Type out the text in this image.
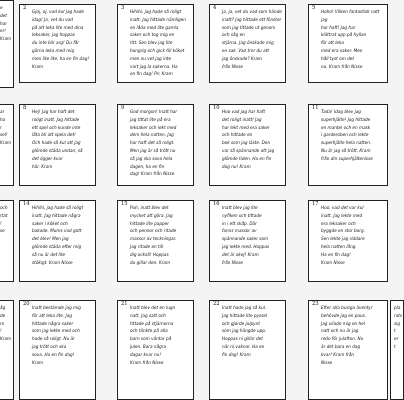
e
det
har
er!
Kram
2
Gjoj, oj, vad kul jag hade
idag! Ja, vet du vad
på att leka lite med dina
leksaker, jag hoppas
du inte blir arg! Du får
gärna leka med mig
men lite lite, ha en fin dag!
Kram
3
Hihihi, jag hade så roligt
inatt. Jag hittade nämligen
en låda med lite gamla
saker och tog mig en
titt. Sen blev jag lite
hungrig och gick till köket
men nu vet jag inte
vart jag la sakerna. Ha
en fin dag! Ps: Kram
4
Ja, ja, vet du vad som hände
inatt? Jag hittade ett fönster
som jag tittade ut genom
och såg en
stjärna. Jag önskade mig
en sak. Vad tror du att
jag önskade? Kram
från Nisse
5
Hoho! Vilken fantastisk natt jag
har haft! Jag har
klättrat upp på hyllan
för att leka
med era saker. Men
håll tyst om det
nu. Kram från Nisse
ar
ha
r
sel!
Kram
8
Hej! Jag har haft det
roligt inatt. Jag hittade
ett spel och kunde inte
låta bli att spela det!
Och hade så kul att jag
glömde städa undan, så
det ligger kvar
här. Kram
9
God morgon! Inatt har
jag tittat lite på era
leksaker och lekt med
dem hela natten. Jag
har haft det så roligt.
Men jag är så trött nu
så jag ska sova hela
dagen, ha en fin
dag! Kram från Nisse
10
Hoo vad jag har haft
det roligt inatt! Jag
har lekt med era saker
och hittade en
bok som jag läste. Den
var så spännande att jag
glömde tiden. Ha en fin
dag nu! Kram
11
Tada! Idag blev jag
superhjälte! Jag hittade
en mantel och en mask
i garderoben och lekte
superhjälte hela natten.
Nu är jag så trött. Kram
från din superhjältenisse
och
rtat
!
se
14
Hihihi, jag hade så roligt
inatt. Jag hittade några
saker i köket och
bakade. Mums vad gott
det blev! Men jag
glömde städa efter mig
så nu är det lite
stökigt. Kram Nisse
15
Puh, inatt blev det
mycket att göra. Jag
hittade lite papper
och pennor och ritade
massor av teckningar.
Jag ritade en till
dig också! Hoppas
du gillar den. Kram
16
Inatt blev jag lite
nyfiken och tittade
in i ett skåp. Där
fanns massor av
spännande saker som
jag lekte med. Hoppas
det är okej! Kram
från Nisse
17
Hoo, vad det var kul
inatt. Jag lekte med
era leksaker och
byggde en stor borg.
Sen lekte jag riddare
hela natten lång.
Ha en fin dag!
Kram Nisse
åg
de
rn
!
Kram
20
Inatt bestämde jag mig
för att leka lite. Jag
hittade några saker
som jag lekte med och
hade så roligt. Nu är
jag trött och ska
sova. Ha en fin dag!
Kram
21
Inatt blev det en lugn
natt. Jag satt och
tittade på stjärnorna
och tänkte på alla
barn som väntar på
julen. Bara några
dagar kvar nu!
Kram från Nisse
22
Inatt hade jag så kul.
Jag hittade lite pyssel
och gjorde julpynt
som jag hängde upp.
Hoppas ni gillar det
när ni vaknar. Ha en
fin dag! Kram
23
Efter alla busiga äventyr
behövde jag en paus.
Jag vilade mig en hel
natt och nu är jag
redo för julafton. Nu
är det bara en dag
kvar! Kram från
Nisse
pla
rats
sig
t er
t
